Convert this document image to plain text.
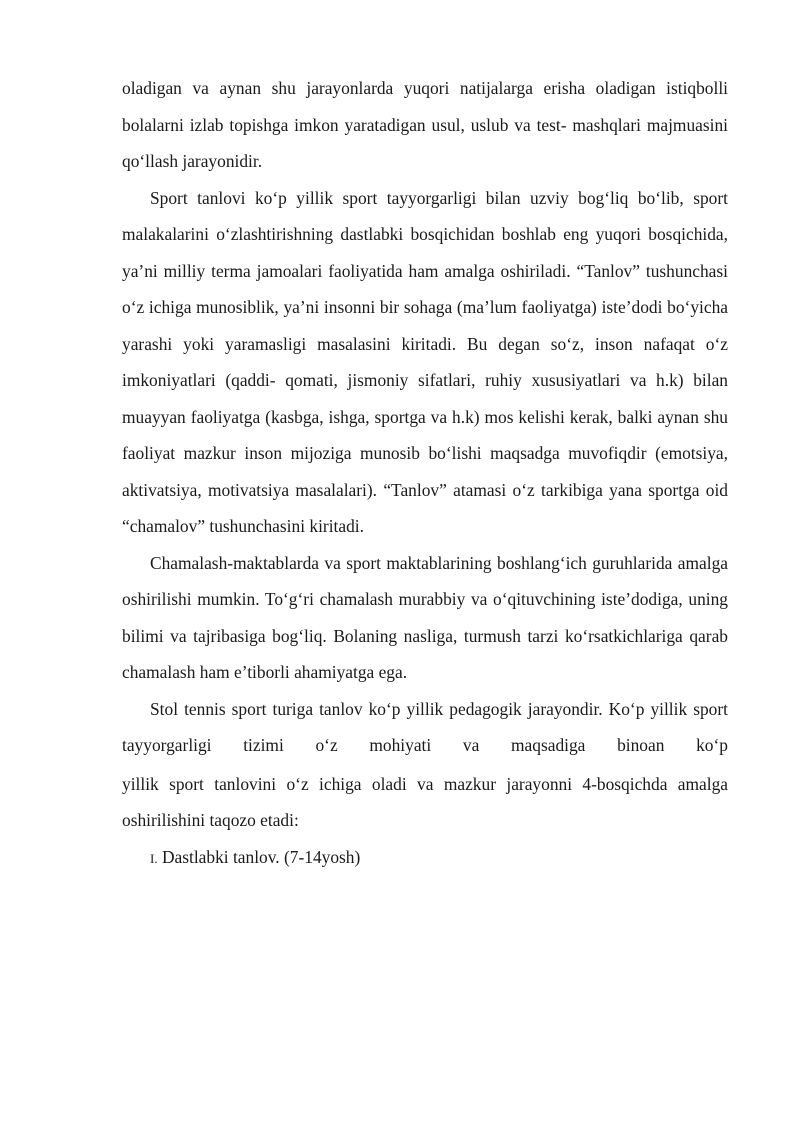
oladigan va aynan shu jarayonlarda yuqori natijalarga erisha oladigan istiqbolli bolalarni izlab topishga imkon yaratadigan usul, uslub va test- mashqlari majmuasini qo‘llash jarayonidir.

Sport tanlovi ko‘p yillik sport tayyorgarligi bilan uzviy bog‘liq bo‘lib, sport malakalarini o‘zlashtirishning dastlabki bosqichidan boshlab eng yuqori bosqichida, ya’ni milliy terma jamoalari faoliyatida ham amalga oshiriladi. “Tanlov” tushunchasi o‘z ichiga munosiblik, ya’ni insonni bir sohaga (ma’lum faoliyatga) iste’dodi bo‘yicha yarashi yoki yaramasligi masalasini kiritadi. Bu degan so‘z, inson nafaqat o‘z imkoniyatlari (qaddi- qomati, jismoniy sifatlari, ruhiy xususiyatlari va h.k) bilan muayyan faoliyatga (kasbga, ishga, sportga va h.k) mos kelishi kerak, balki aynan shu faoliyat mazkur inson mijoziga munosib bo‘lishi maqsadga muvofiqdir (emotsiya, aktivatsiya, motivatsiya masalalari). “Tanlov” atamasi o‘z tarkibiga yana sportga oid “chamalov” tushunchasini kiritadi.

Chamalash-maktablarda va sport maktablarining boshlang‘ich guruhlarida amalga oshirilishi mumkin. To‘g‘ri chamalash murabbiy va o‘qituvchining iste’dodiga, uning bilimi va tajribasiga bog‘liq. Bolaning nasliga, turmush tarzi ko‘rsatkichlariga qarab chamalash ham e’tiborli ahamiyatga ega.

Stol tennis sport turiga tanlov ko‘p yillik pedagogik jarayondir. Ko‘p yillik sport tayyorgarligi tizimi o‘z mohiyati va maqsadiga binoan ko‘p

yillik sport tanlovini o‘z ichiga oladi va mazkur jarayonni 4-bosqichda amalga oshirilishini taqozo etadi:

I. Dastlabki tanlov. (7-14yosh)
